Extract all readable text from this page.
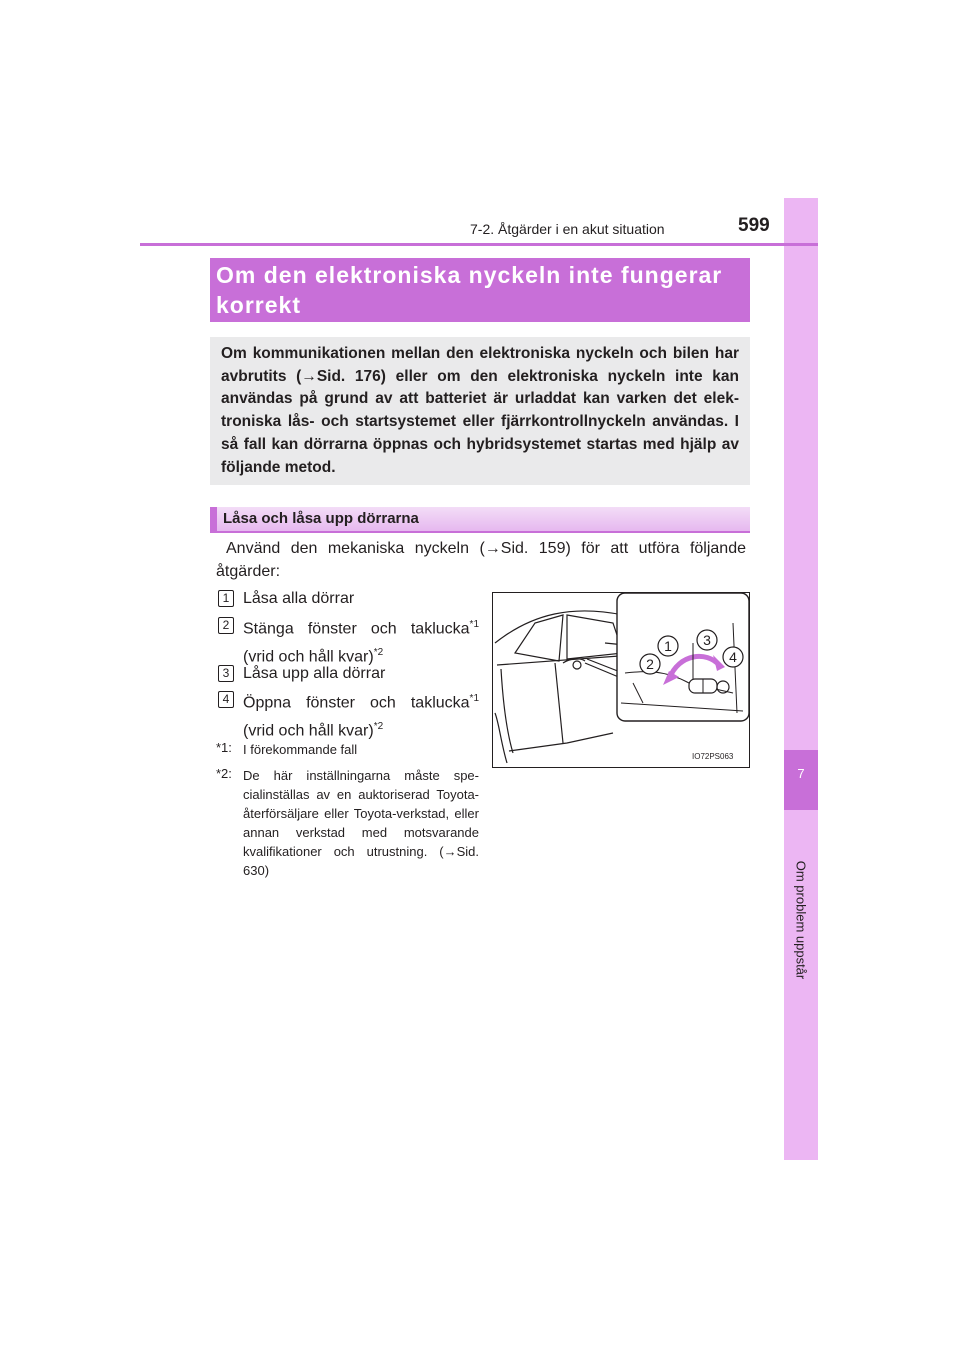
7
Om problem uppstår
7-2. Åtgärder i en akut situation	599
Om den elektroniska nyckeln inte fungerar
korrekt
Om kommunikationen mellan den elektroniska nyckeln och bilen har avbrutits (→Sid. 176) eller om den elektroniska nyckeln inte kan användas på grund av att batteriet är urladdat kan varken det elek-troniska lås- och startsystemet eller fjärrkontrollnyckeln användas. I så fall kan dörrarna öppnas och hybridsystemet startas med hjälp av följande metod.
Låsa och låsa upp dörrarna
Använd den mekaniska nyckeln (→Sid. 159) för att utföra följande åtgärder:
1 Låsa alla dörrar
2 Stänga fönster och taklucka$^{*1}$
(vrid och håll kvar)$^{*2}$
3 Låsa upp alla dörrar
4 Öppna fönster och taklucka$^{*1}$
(vrid och håll kvar)$^{*2}$
*1: I förekommande fall
*2: De här inställningarna måste spe-cialinställas av en auktoriserad Toyota-återförsäljare eller Toyota-verkstad, eller annan verkstad med motsvarande kvalifikationer och utrustning. (→Sid. 630)
1 3
2	4
IO72PS063
